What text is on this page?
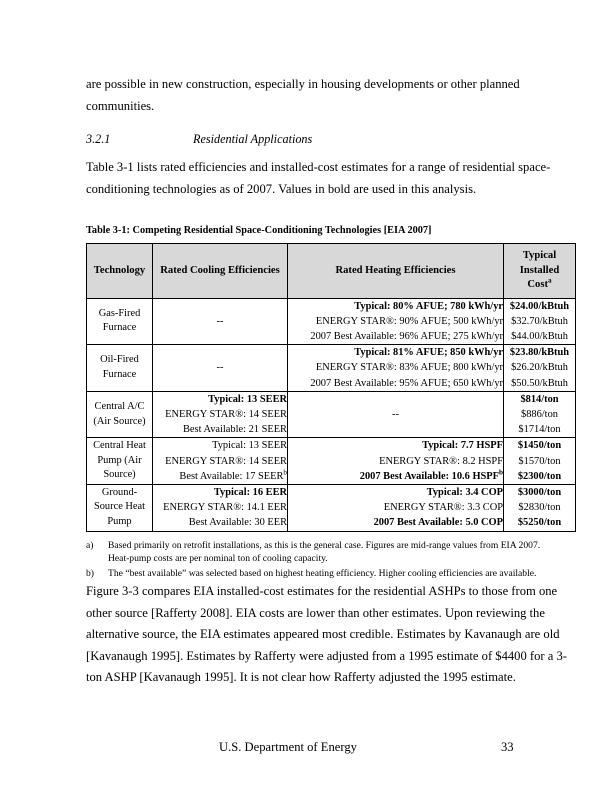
are possible in new construction, especially in housing developments or other planned communities.

3.2.1	Residential Applications

Table 3-1 lists rated efficiencies and installed-cost estimates for a range of residential space-conditioning technologies as of 2007. Values in bold are used in this analysis.

Table 3-1: Competing Residential Space-Conditioning Technologies [EIA 2007]
Technology	Rated Cooling Efficiencies	Rated Heating Efficiencies	Typical
Installed
Cost$^a$

Gas-Fired
Furnace	--	Typical: 80% AFUE; 780 kWh/yr
ENERGY STAR®: 90% AFUE; 500 kWh/yr
2007 Best Available: 96% AFUE; 275 kWh/yr	$24.00/kBtuh
$32.70/kBtuh
$44.00/kBtuh

Oil-Fired
Furnace	--	Typical: 81% AFUE; 850 kWh/yr
ENERGY STAR®: 83% AFUE; 800 kWh/yr
2007 Best Available: 95% AFUE; 650 kWh/yr	$23.80/kBtuh
$26.20/kBtuh
$50.50/kBtuh

Central A/C
(Air Source)	Typical: 13 SEER
ENERGY STAR®: 14 SEER
Best Available: 21 SEER	--	$814/ton
$886/ton
$1714/ton

Central Heat
Pump (Air
Source)	Typical: 13 SEER
ENERGY STAR®: 14 SEER
Best Available: 17 SEER$^b$	Typical: 7.7 HSPF
ENERGY STAR®: 8.2 HSPF
2007 Best Available: 10.6 HSPF$^b$	$1450/ton
$1570/ton
$2300/ton

Ground-
Source Heat
Pump	Typical: 16 EER
ENERGY STAR®: 14.1 EER
Best Available: 30 EER	Typical: 3.4 COP
ENERGY STAR®: 3.3 COP
2007 Best Available: 5.0 COP	$3000/ton
$2830/ton
$5250/ton
a)	Based primarily on retrofit installations, as this is the general case. Figures are mid-range values from EIA 2007. Heat-pump costs are per nominal ton of cooling capacity.
b)	The “best available” was selected based on highest heating efficiency. Higher cooling efficiencies are available.

Figure 3-3 compares EIA installed-cost estimates for the residential ASHPs to those from one other source [Rafferty 2008]. EIA costs are lower than other estimates. Upon reviewing the alternative source, the EIA estimates appeared most credible. Estimates by Kavanaugh are old [Kavanaugh 1995]. Estimates by Rafferty were adjusted from a 1995 estimate of $4400 for a 3-ton ASHP [Kavanaugh 1995]. It is not clear how Rafferty adjusted the 1995 estimate.

U.S. Department of Energy	33
